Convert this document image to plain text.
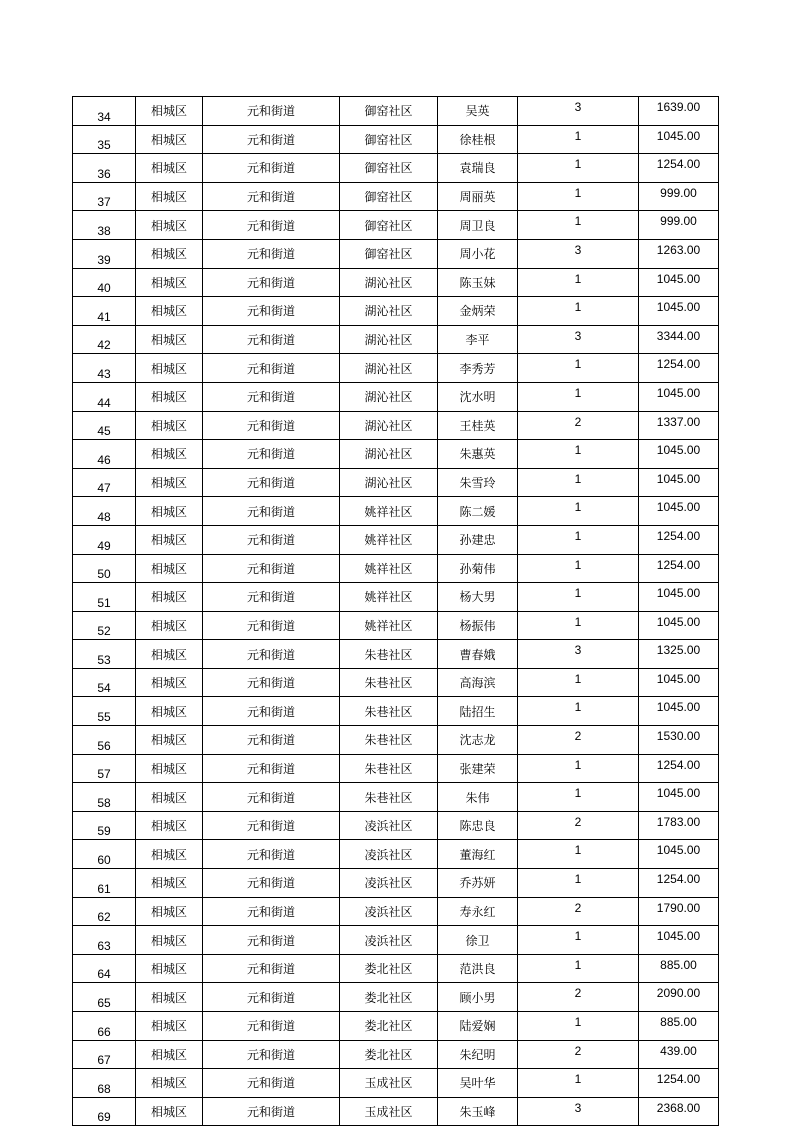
34	相城区	元和街道	御窑社区	吴英	3	1639.00
35	相城区	元和街道	御窑社区	徐桂根	1	1045.00
36	相城区	元和街道	御窑社区	袁瑞良	1	1254.00
37	相城区	元和街道	御窑社区	周丽英	1	999.00
38	相城区	元和街道	御窑社区	周卫良	1	999.00
39	相城区	元和街道	御窑社区	周小花	3	1263.00
40	相城区	元和街道	湖沁社区	陈玉妹	1	1045.00
41	相城区	元和街道	湖沁社区	金炳荣	1	1045.00
42	相城区	元和街道	湖沁社区	李平	3	3344.00
43	相城区	元和街道	湖沁社区	李秀芳	1	1254.00
44	相城区	元和街道	湖沁社区	沈水明	1	1045.00
45	相城区	元和街道	湖沁社区	王桂英	2	1337.00
46	相城区	元和街道	湖沁社区	朱惠英	1	1045.00
47	相城区	元和街道	湖沁社区	朱雪玲	1	1045.00
48	相城区	元和街道	姚祥社区	陈二媛	1	1045.00
49	相城区	元和街道	姚祥社区	孙建忠	1	1254.00
50	相城区	元和街道	姚祥社区	孙菊伟	1	1254.00
51	相城区	元和街道	姚祥社区	杨大男	1	1045.00
52	相城区	元和街道	姚祥社区	杨振伟	1	1045.00
53	相城区	元和街道	朱巷社区	曹春娥	3	1325.00
54	相城区	元和街道	朱巷社区	高海滨	1	1045.00
55	相城区	元和街道	朱巷社区	陆招生	1	1045.00
56	相城区	元和街道	朱巷社区	沈志龙	2	1530.00
57	相城区	元和街道	朱巷社区	张建荣	1	1254.00
58	相城区	元和街道	朱巷社区	朱伟	1	1045.00
59	相城区	元和街道	凌浜社区	陈忠良	2	1783.00
60	相城区	元和街道	凌浜社区	董海红	1	1045.00
61	相城区	元和街道	凌浜社区	乔苏妍	1	1254.00
62	相城区	元和街道	凌浜社区	寿永红	2	1790.00
63	相城区	元和街道	凌浜社区	徐卫	1	1045.00
64	相城区	元和街道	娄北社区	范洪良	1	885.00
65	相城区	元和街道	娄北社区	顾小男	2	2090.00
66	相城区	元和街道	娄北社区	陆爱娴	1	885.00
67	相城区	元和街道	娄北社区	朱纪明	2	439.00
68	相城区	元和街道	玉成社区	吴叶华	1	1254.00
69	相城区	元和街道	玉成社区	朱玉峰	3	2368.00
